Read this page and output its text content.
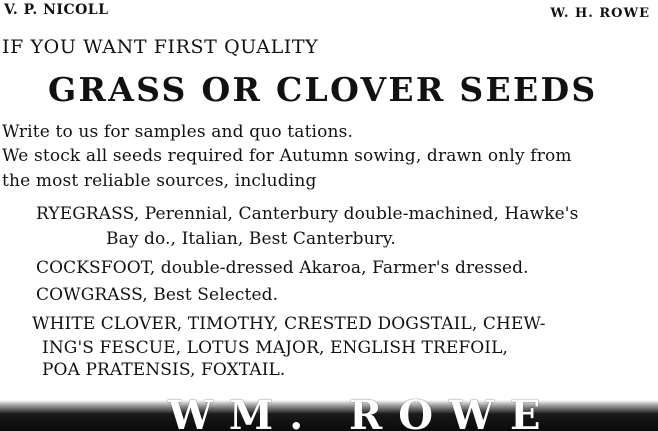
V. P. NICOLL	W. H. ROWE
IF YOU WANT FIRST QUALITY
GRASS OR CLOVER SEEDS
Write to us for samples and quo tations.
We stock all seeds required for Autumn sowing, drawn only from
the most reliable sources, including
RYEGRASS, Perennial, Canterbury double-machined, Hawke's
Bay do., Italian, Best Canterbury.
COCKSFOOT, double-dressed Akaroa, Farmer's dressed.
COWGRASS, Best Selected.
WHITE CLOVER, TIMOTHY, CRESTED DOGSTAIL, CHEW-
ING'S FESCUE, LOTUS MAJOR, ENGLISH TREFOIL,
POA PRATENSIS, FOXTAIL.
WM. ROWE
